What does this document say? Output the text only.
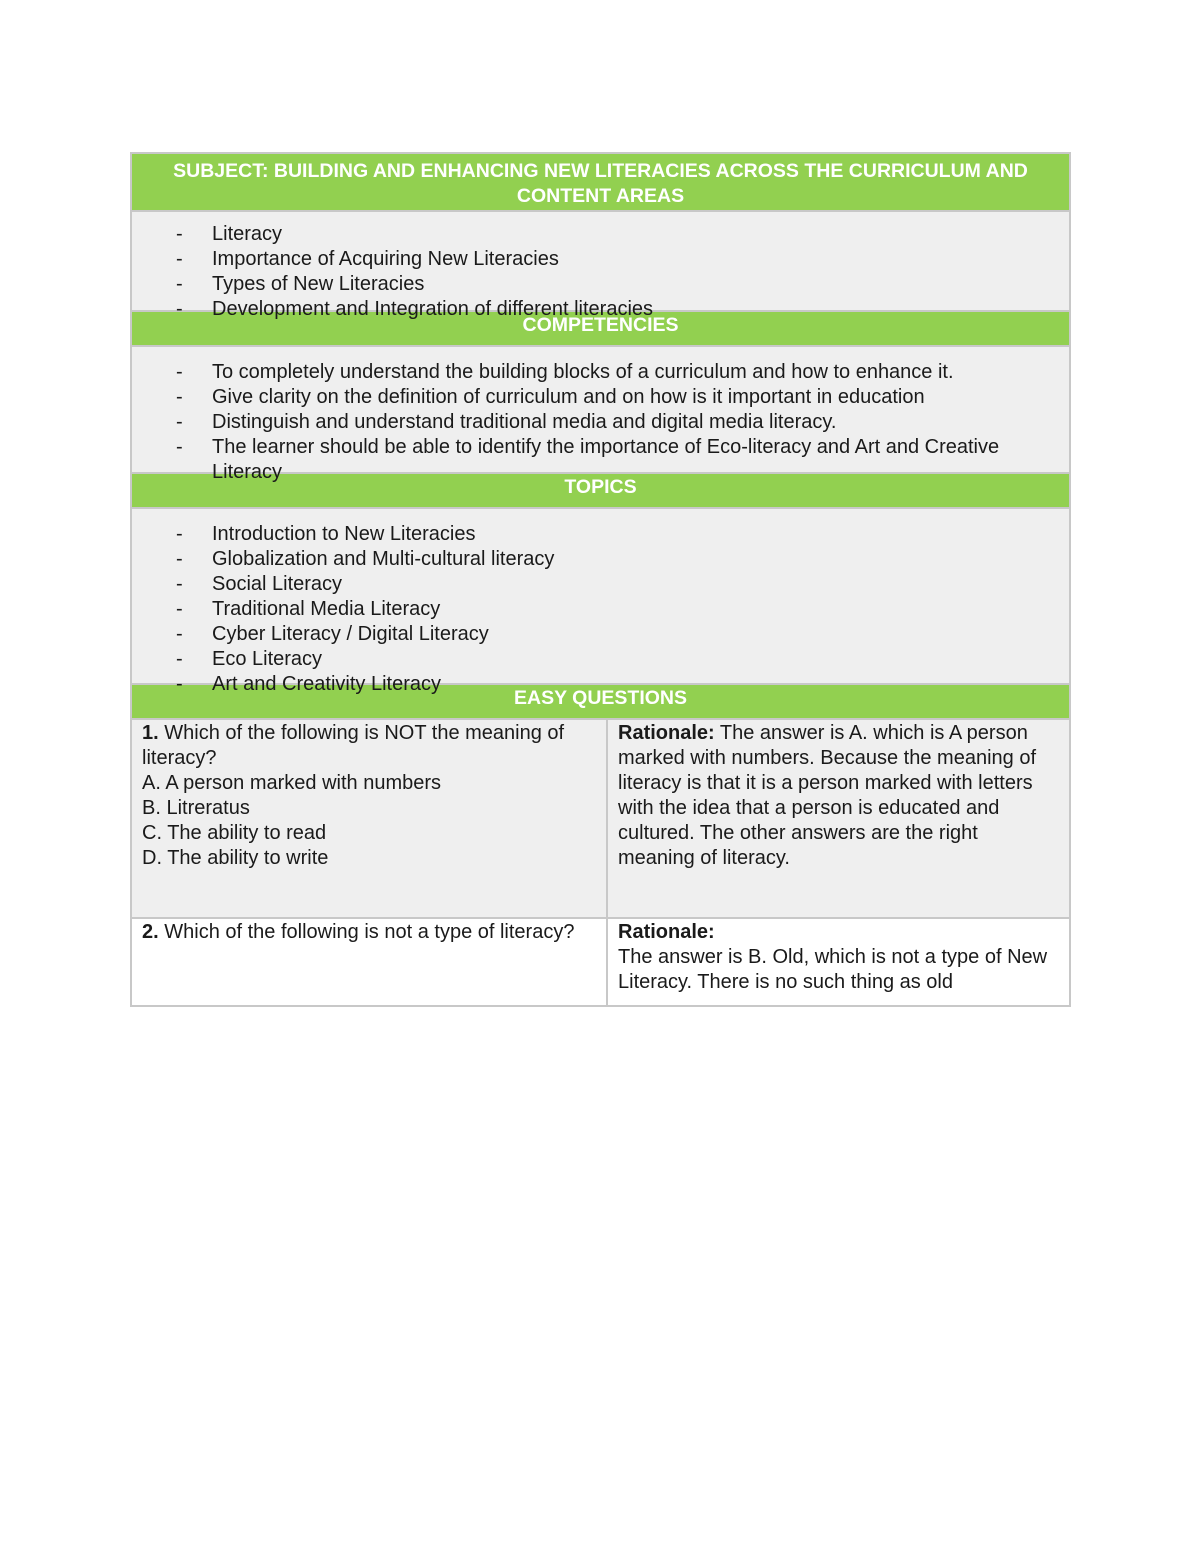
SUBJECT: BUILDING AND ENHANCING NEW LITERACIES ACROSS THE CURRICULUM AND CONTENT AREAS
- Literacy
- Importance of Acquiring New Literacies
- Types of New Literacies
- Development and Integration of different literacies
COMPETENCIES
- To completely understand the building blocks of a curriculum and how to enhance it.
- Give clarity on the definition of curriculum and on how is it important in education
- Distinguish and understand traditional media and digital media literacy.
- The learner should be able to identify the importance of Eco-literacy and Art and Creative Literacy
TOPICS
- Introduction to New Literacies
- Globalization and Multi-cultural literacy
- Social Literacy
- Traditional Media Literacy
- Cyber Literacy / Digital Literacy
- Eco Literacy
- Art and Creativity Literacy
EASY QUESTIONS
1. Which of the following is NOT the meaning of literacy?
A. A person marked with numbers
B. Litreratus
C. The ability to read
D. The ability to write
Rationale: The answer is A. which is A person marked with numbers. Because the meaning of literacy is that it is a person marked with letters with the idea that a person is educated and cultured. The other answers are the right meaning of literacy.
2. Which of the following is not a type of literacy?	Rationale:
The answer is B. Old, which is not a type of New Literacy. There is no such thing as old
